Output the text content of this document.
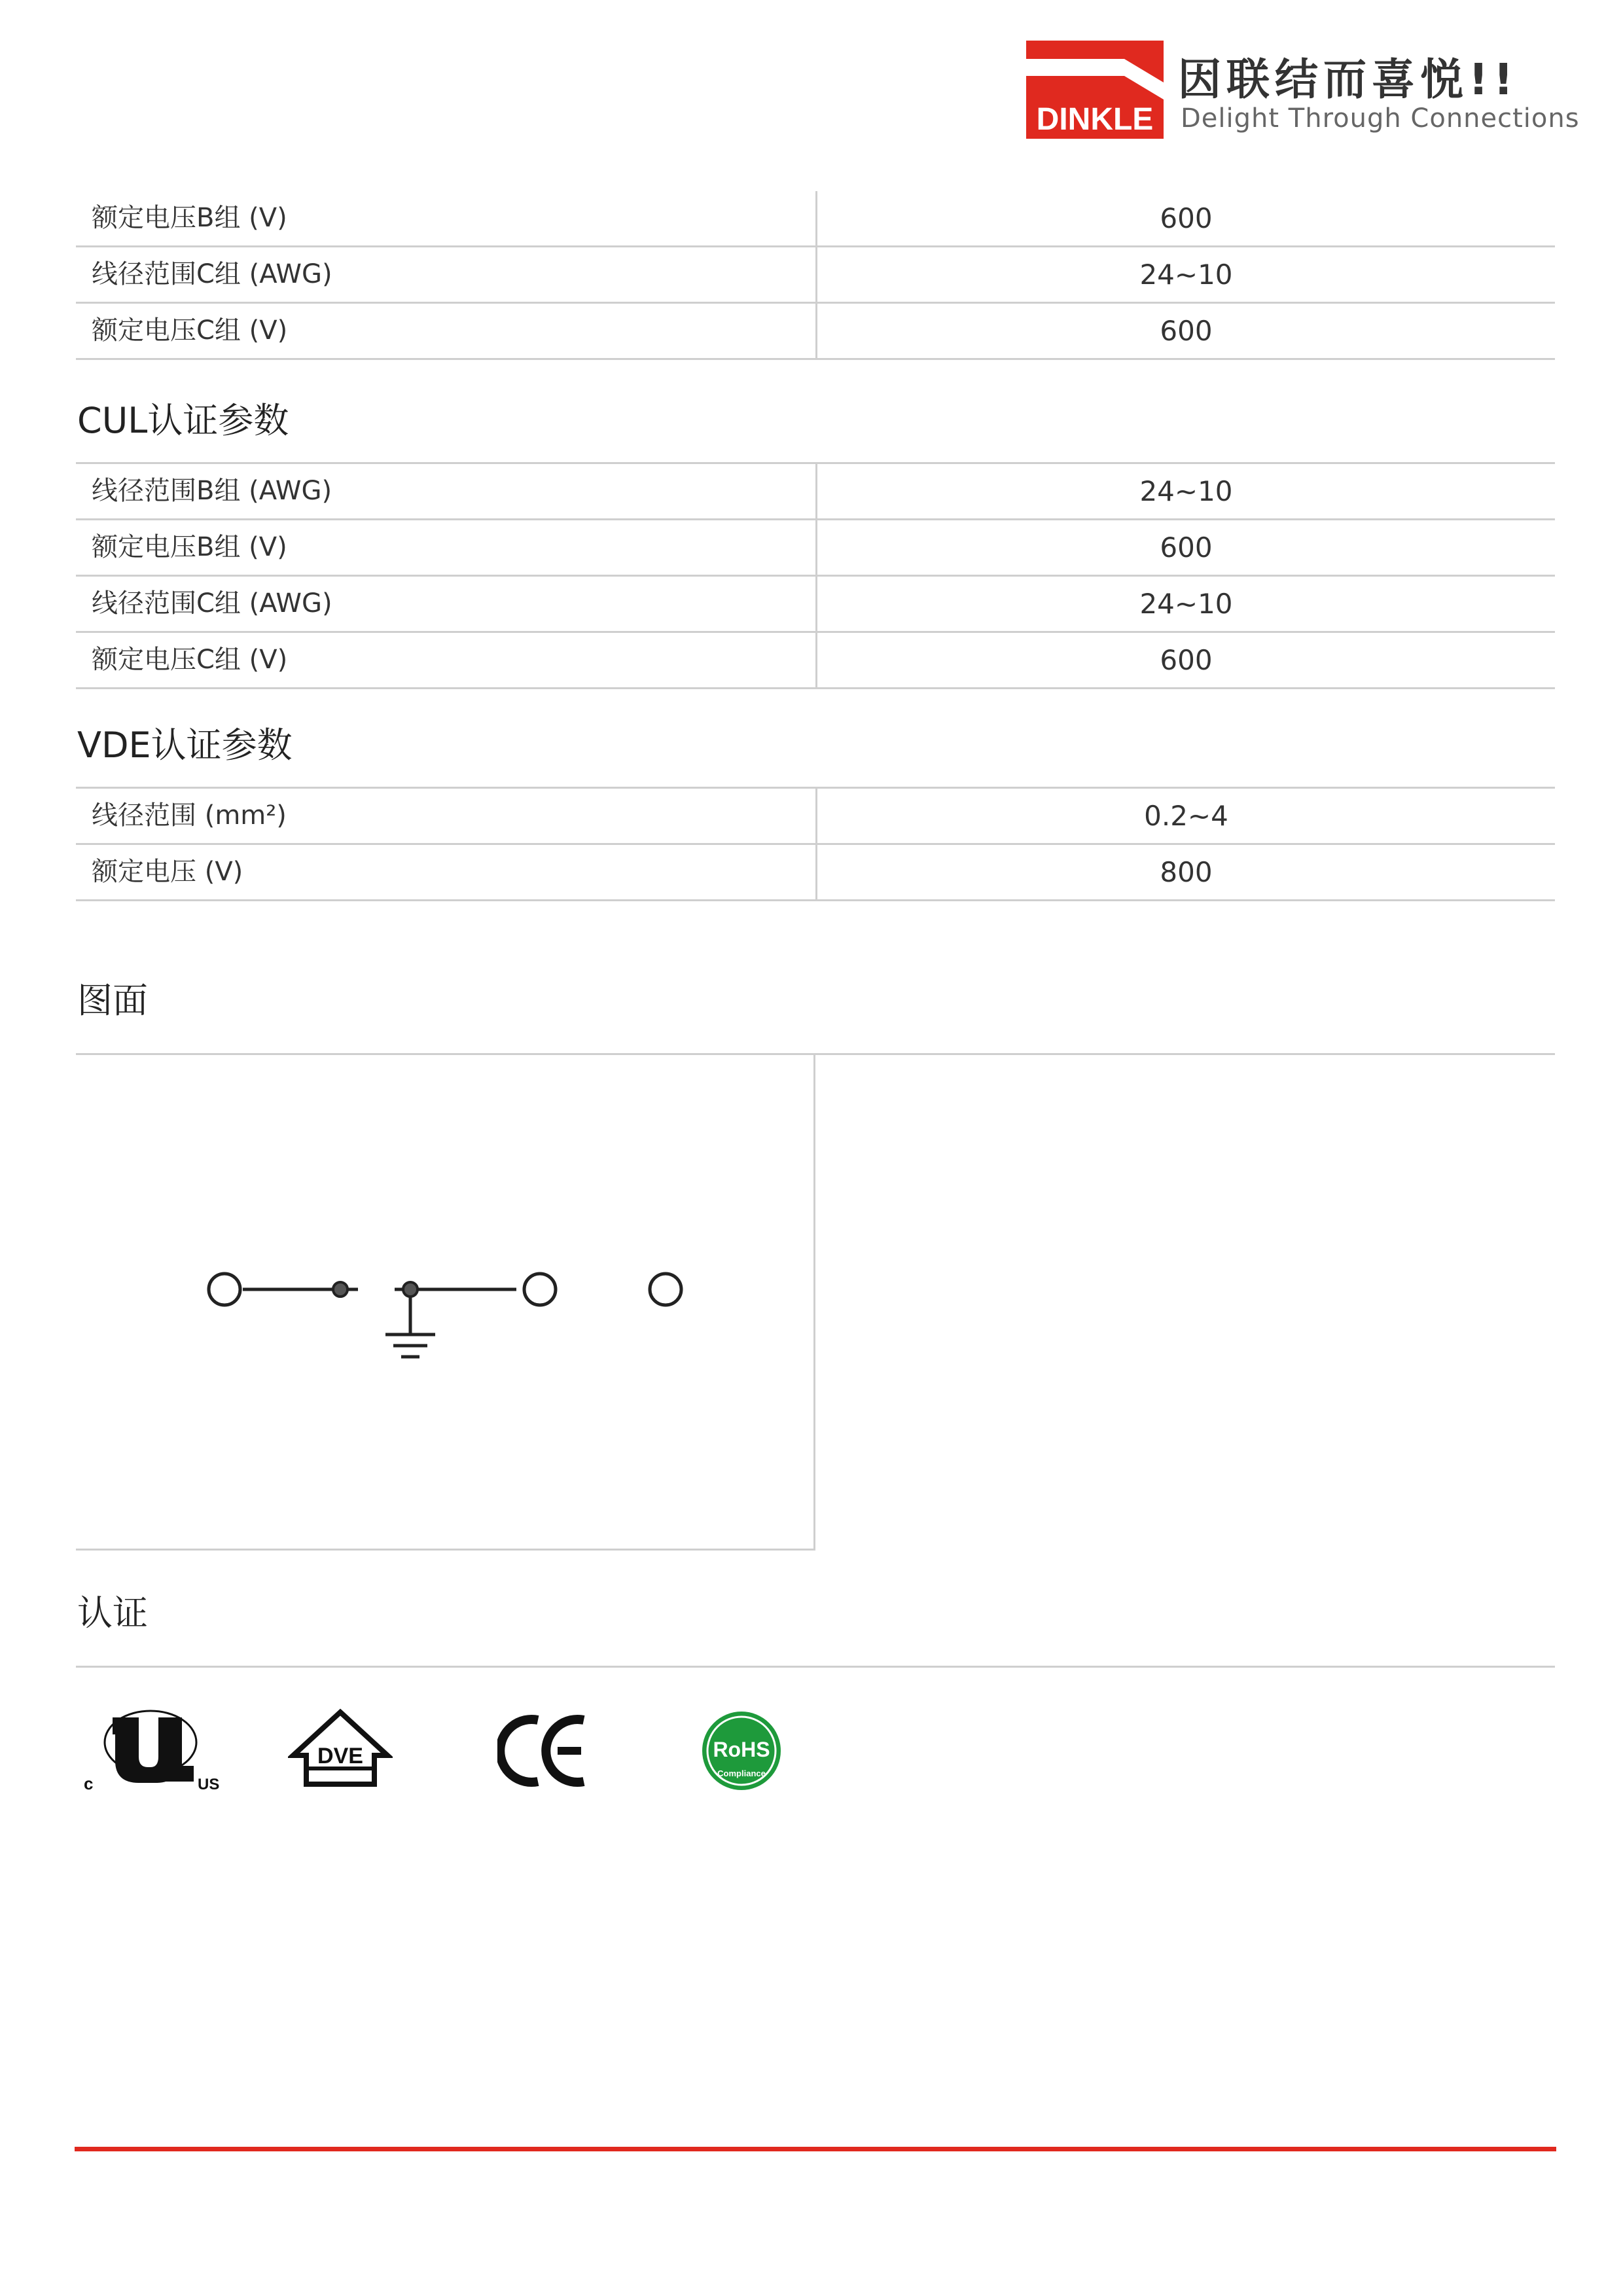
DINKLE
因联结而喜悦!!
Delight Through Connections
额定电压B组 (V)	600
线径范围C组 (AWG)	24~10
额定电压C组 (V)	600
CUL认证参数
线径范围B组 (AWG)	24~10
额定电压B组 (V)	600
线径范围C组 (AWG)	24~10
额定电压C组 (V)	600
VDE认证参数
线径范围 (mm²)	0.2~4
额定电压 (V)	800
图面
认证
c	US
DVE
CE
RoHS
Compliance
